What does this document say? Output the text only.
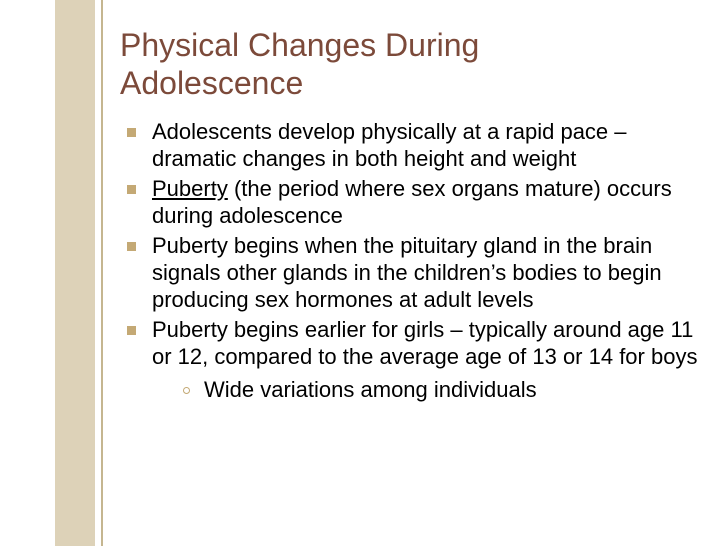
Physical Changes During
Adolescence
Adolescents develop physically at a rapid pace – dramatic changes in both height and weight
Puberty (the period where sex organs mature) occurs during adolescence
Puberty begins when the pituitary gland in the brain signals other glands in the children’s bodies to begin producing sex hormones at adult levels
Puberty begins earlier for girls – typically around age 11 or 12, compared to the average age of 13 or 14 for boys
Wide variations among individuals
